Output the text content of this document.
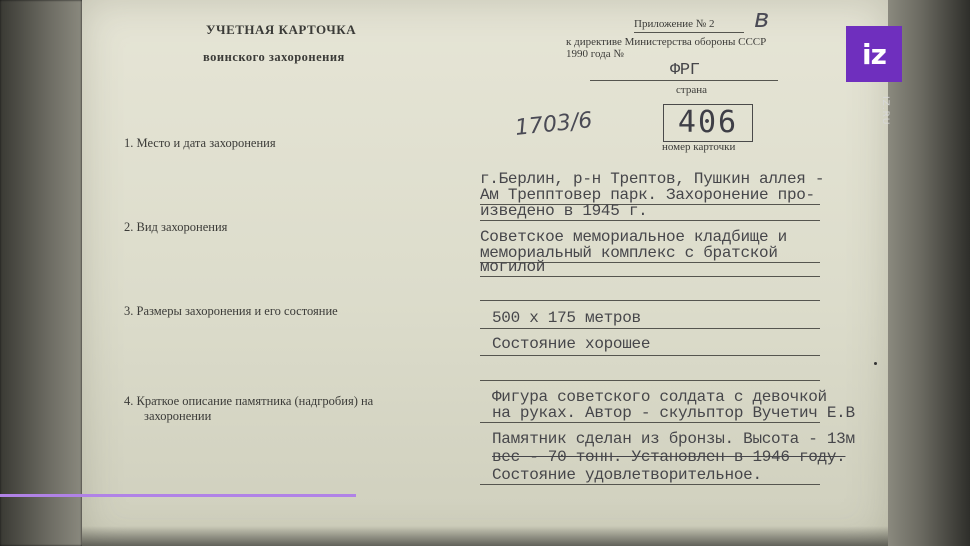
УЧЕТНАЯ КАРТОЧКА
воинского захоронения
Приложение № 2 в
к директиве Министерства обороны СССР
1990 года №
ФРГ
страна
1703/6	406
номер карточки
1. Место и дата захоронения
г.Берлин, р-н Трептов, Пушкин аллея -
Ам Трепптовер парк. Захоронение про-
изведено в 1945 г.
2. Вид захоронения
Советское мемориальное кладбище и
мемориальный комплекс с братской
могилой
3. Размеры захоронения и его состояние	500 х 175 метров
Состояние хорошее
4. Краткое описание памятника (надгробия) на
захоронении
Фигура советского солдата с девочкой
на руках. Автор - скульптор Вучетич Е.В
Памятник сделан из бронзы. Высота - 13м
вес - 70 тонн. Установлен в 1946 году.
Состояние удовлетворительное.
iz
IZ.RU
